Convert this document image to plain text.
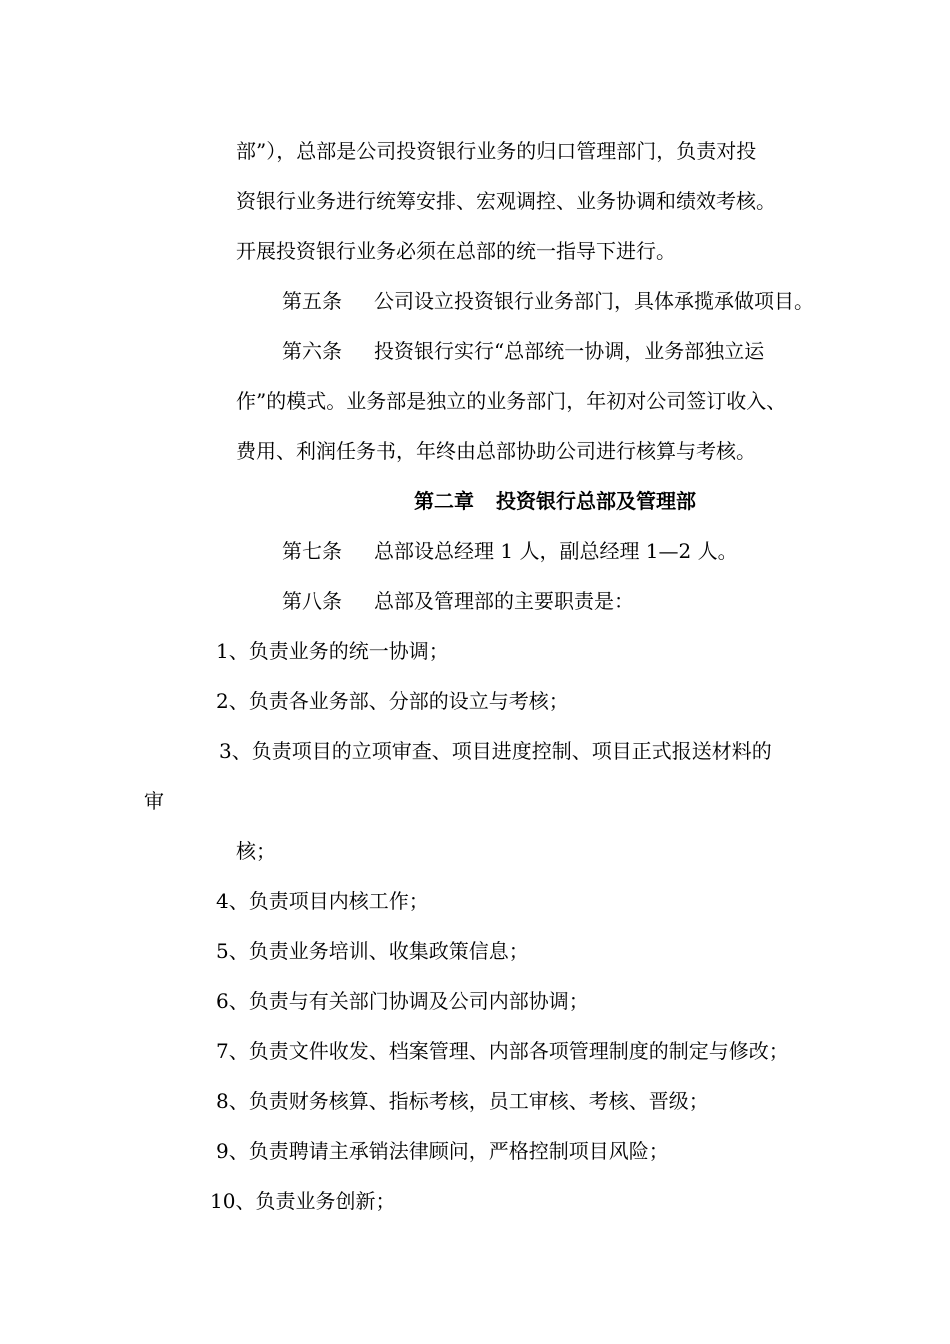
部”），总部是公司投资银行业务的归口管理部门，负责对投

资银行业务进行统筹安排、宏观调控、业务协调和绩效考核。

开展投资银行业务必须在总部的统一指导下进行。

第五条 公司设立投资银行业务部门，具体承揽承做项目。

第六条 投资银行实行“总部统一协调，业务部独立运

作”的模式。业务部是独立的业务部门，年初对公司签订收入、

费用、利润任务书，年终由总部协助公司进行核算与考核。

第二章 投资银行总部及管理部

第七条 总部设总经理 1 人，副总经理 1—2 人。

第八条 总部及管理部的主要职责是：

1、负责业务的统一协调；

2、负责各业务部、分部的设立与考核；

3、负责项目的立项审查、项目进度控制、项目正式报送材料的

审

核；

4、负责项目内核工作；

5、负责业务培训、收集政策信息；

6、负责与有关部门协调及公司内部协调；

7、负责文件收发、档案管理、内部各项管理制度的制定与修改；

8、负责财务核算、指标考核，员工审核、考核、晋级；

9、负责聘请主承销法律顾问，严格控制项目风险；

10、负责业务创新；
